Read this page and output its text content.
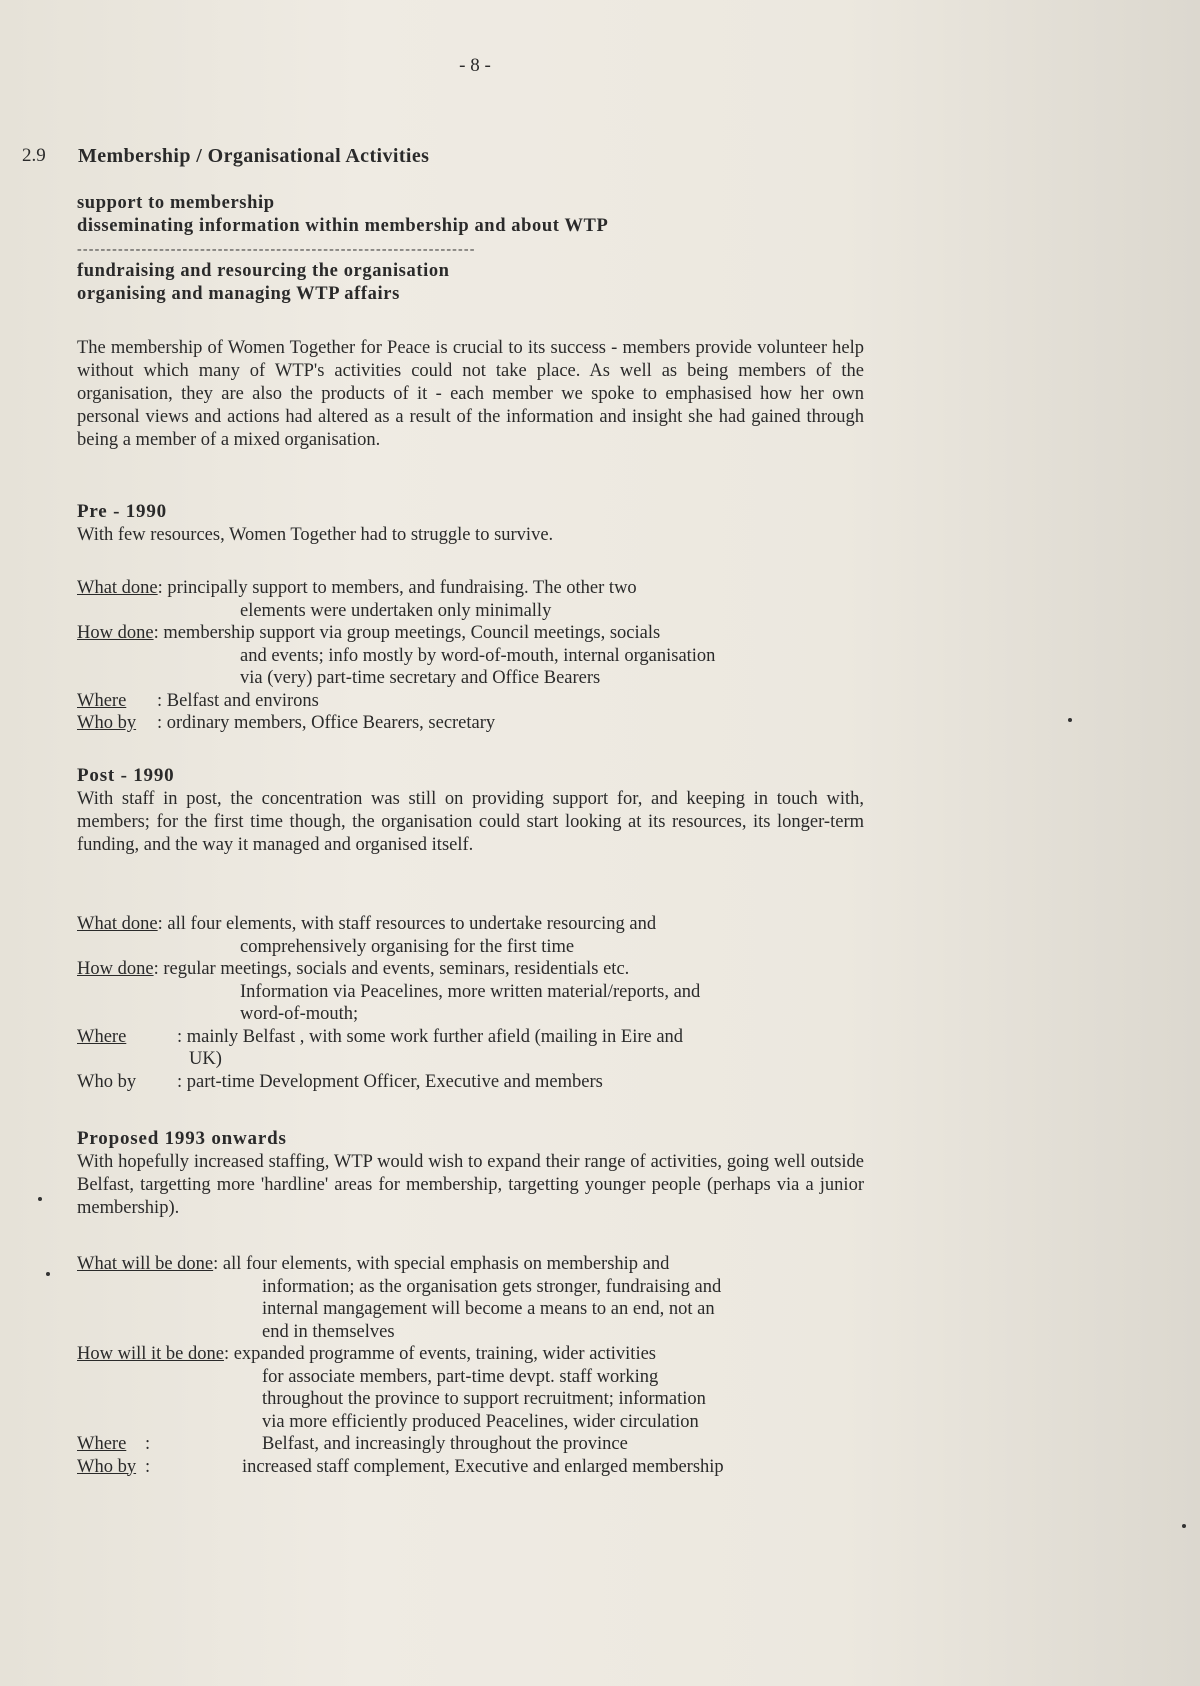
- 8 -
2.9 Membership / Organisational Activities
support to membership
disseminating information within membership and about WTP
--------------------------------------------------------------------
fundraising and resourcing the organisation
organising and managing WTP affairs
The membership of Women Together for Peace is crucial to its success - members provide volunteer help without which many of WTP's activities could not take place. As well as being members of the organisation, they are also the products of it - each member we spoke to emphasised how her own personal views and actions had altered as a result of the information and insight she had gained through being a member of a mixed organisation.
Pre - 1990
With few resources, Women Together had to struggle to survive.
What done: principally support to members, and fundraising. The other two
elements were undertaken only minimally
How done: membership support via group meetings, Council meetings, socials
and events; info mostly by word-of-mouth, internal organisation
via (very) part-time secretary and Office Bearers
Where : Belfast and environs
Who by : ordinary members, Office Bearers, secretary
Post - 1990
With staff in post, the concentration was still on providing support for, and keeping in touch with, members; for the first time though, the organisation could start looking at its resources, its longer-term funding, and the way it managed and organised itself.
What done: all four elements, with staff resources to undertake resourcing and
comprehensively organising for the first time
How done: regular meetings, socials and events, seminars, residentials etc.
Information via Peacelines, more written material/reports, and
word-of-mouth;
Where	: mainly Belfast , with some work further afield (mailing in Eire and
UK)
Who by : part-time Development Officer, Executive and members
Proposed 1993 onwards
With hopefully increased staffing, WTP would wish to expand their range of activities, going well outside Belfast, targetting more 'hardline' areas for membership, targetting younger people (perhaps via a junior membership).
What will be done: all four elements, with special emphasis on membership and
information; as the organisation gets stronger, fundraising and
internal mangagement will become a means to an end, not an
end in themselves
How will it be done: expanded programme of events, training, wider activities
for associate members, part-time devpt. staff working
throughout the province to support recruitment; information
via more efficiently produced Peacelines, wider circulation
Where :	Belfast, and increasingly throughout the province
Who by :	increased staff complement, Executive and enlarged membership
